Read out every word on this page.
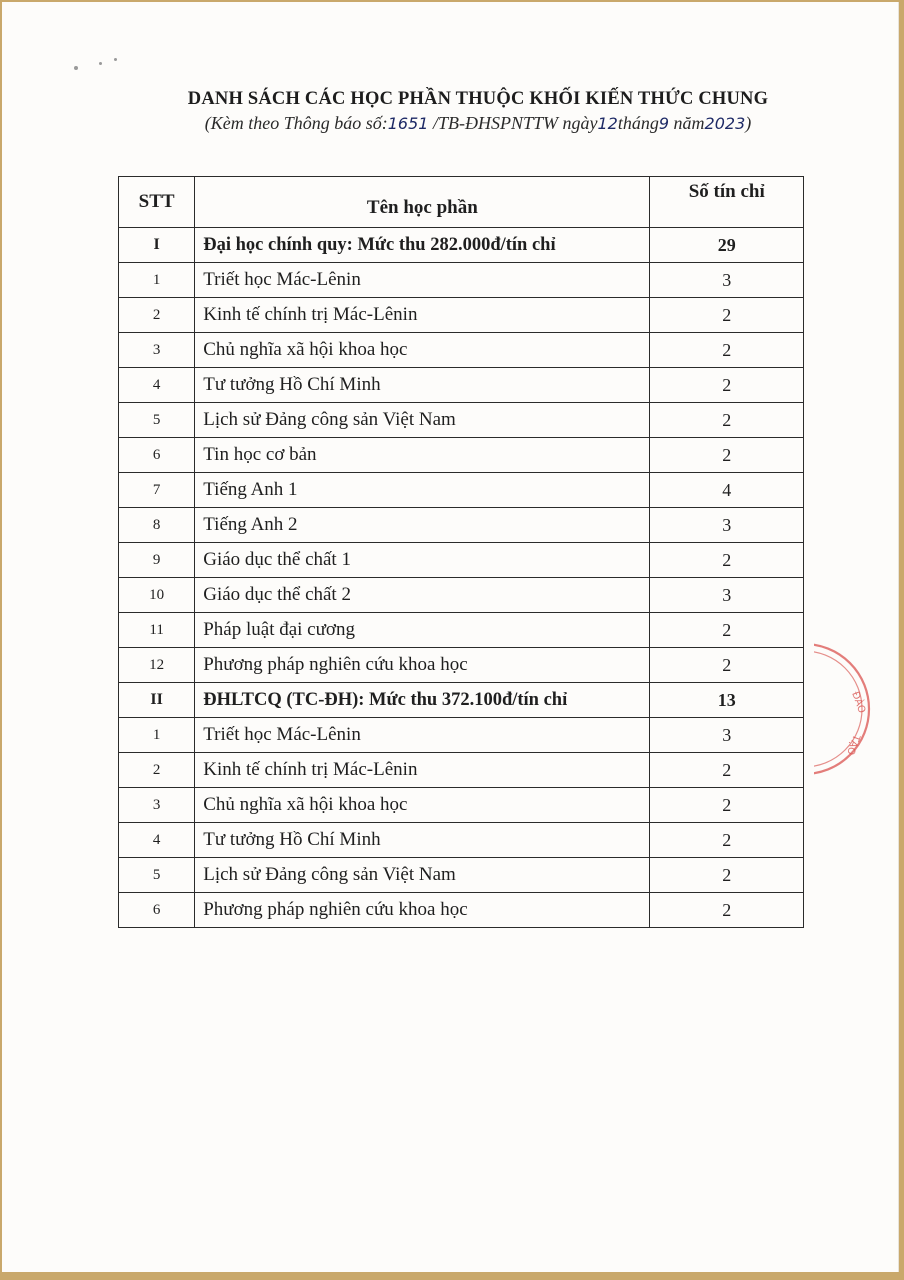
DANH SÁCH CÁC HỌC PHẦN THUỘC KHỐI KIẾN THỨC CHUNG
(Kèm theo Thông báo số:1651 /TB-ĐHSPNTTW ngày12tháng9 năm2023)
STT	Tên học phần	Số tín chỉ
I	Đại học chính quy: Mức thu 282.000đ/tín chỉ	29
1	Triết học Mác-Lênin	3
2	Kinh tế chính trị Mác-Lênin	2
3	Chủ nghĩa xã hội khoa học	2
4	Tư tưởng Hồ Chí Minh	2
5	Lịch sử Đảng công sản Việt Nam	2
6	Tin học cơ bản	2
7	Tiếng Anh 1	4
8	Tiếng Anh 2	3
9	Giáo dục thể chất 1	2
10	Giáo dục thể chất 2	3
11	Pháp luật đại cương	2
12	Phương pháp nghiên cứu khoa học	2
II	ĐHLTCQ (TC-ĐH): Mức thu 372.100đ/tín chỉ	13
1	Triết học Mác-Lênin	3
2	Kinh tế chính trị Mác-Lênin	2
3	Chủ nghĩa xã hội khoa học	2
4	Tư tưởng Hồ Chí Minh	2
5	Lịch sử Đảng công sản Việt Nam	2
6	Phương pháp nghiên cứu khoa học	2
ĐÀO
TẠO
